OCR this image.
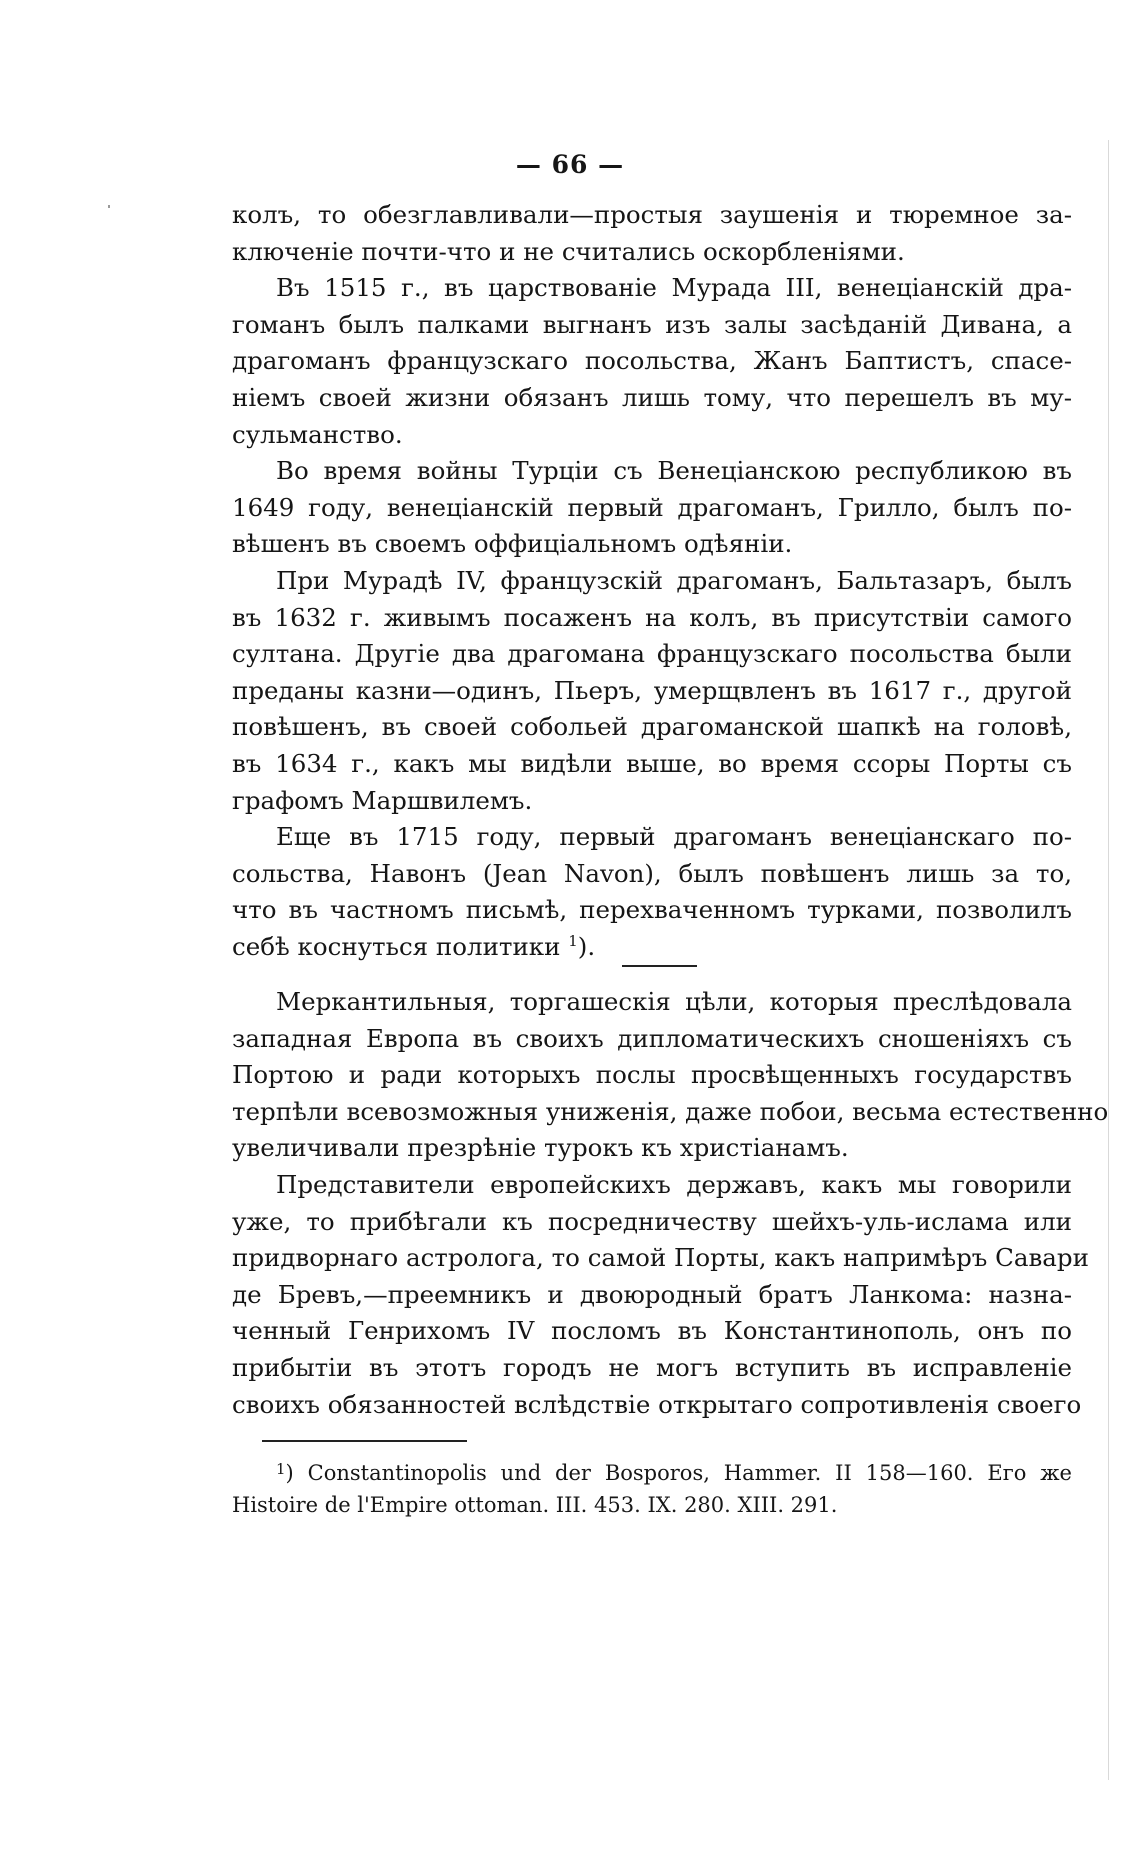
— 66 —
колъ, то обезглавливали—простыя заушенія и тюремное за-
ключеніе почти-что и не считались оскорбленіями.
Въ 1515 г., въ царствованіе Мурада III, венеціанскій дра-
гоманъ былъ палками выгнанъ изъ залы засѣданій Дивана, а
драгоманъ французскаго посольства, Жанъ Баптистъ, спасе-
ніемъ своей жизни обязанъ лишь тому, что перешелъ въ му-
сульманство.
Во время войны Турціи съ Венеціанскою республикою въ
1649 году, венеціанскій первый драгоманъ, Грилло, былъ по-
вѣшенъ въ своемъ оффиціальномъ одѣяніи.
При Мурадѣ IV, французскій драгоманъ, Бальтазаръ, былъ
въ 1632 г. живымъ посаженъ на колъ, въ присутствіи самого
султана. Другіе два драгомана французскаго посольства были
преданы казни—одинъ, Пьеръ, умерщвленъ въ 1617 г., другой
повѣшенъ, въ своей собольей драгоманской шапкѣ на головѣ,
въ 1634 г., какъ мы видѣли выше, во время ссоры Порты съ
графомъ Маршвилемъ.
Еще въ 1715 году, первый драгоманъ венеціанскаго по-
сольства, Навонъ (Jean Navon), былъ повѣшенъ лишь за то,
что въ частномъ письмѣ, перехваченномъ турками, позволилъ
себѣ коснуться политики $^1$).
Меркантильныя, торгашескія цѣли, которыя преслѣдовала
западная Европа въ своихъ дипломатическихъ сношеніяхъ съ
Портою и ради которыхъ послы просвѣщенныхъ государствъ
терпѣли всевозможныя униженія, даже побои, весьма естественно
увеличивали презрѣніе турокъ къ христіанамъ.
Представители европейскихъ державъ, какъ мы говорили
уже, то прибѣгали къ посредничеству шейхъ-уль-ислама или
придворнаго астролога, то самой Порты, какъ напримѣръ Савари
де Бревъ,—преемникъ и двоюродный братъ Ланкома: назна-
ченный Генрихомъ IV посломъ въ Константинополь, онъ по
прибытіи въ этотъ городъ не могъ вступить въ исправленіе
своихъ обязанностей вслѣдствіе открытаго сопротивленія своего
$^1$) Constantinopolis und der Bosporos, Hammer. II 158—160. Его же
Histoire de l'Empire ottoman. III. 453. IX. 280. XIII. 291.
